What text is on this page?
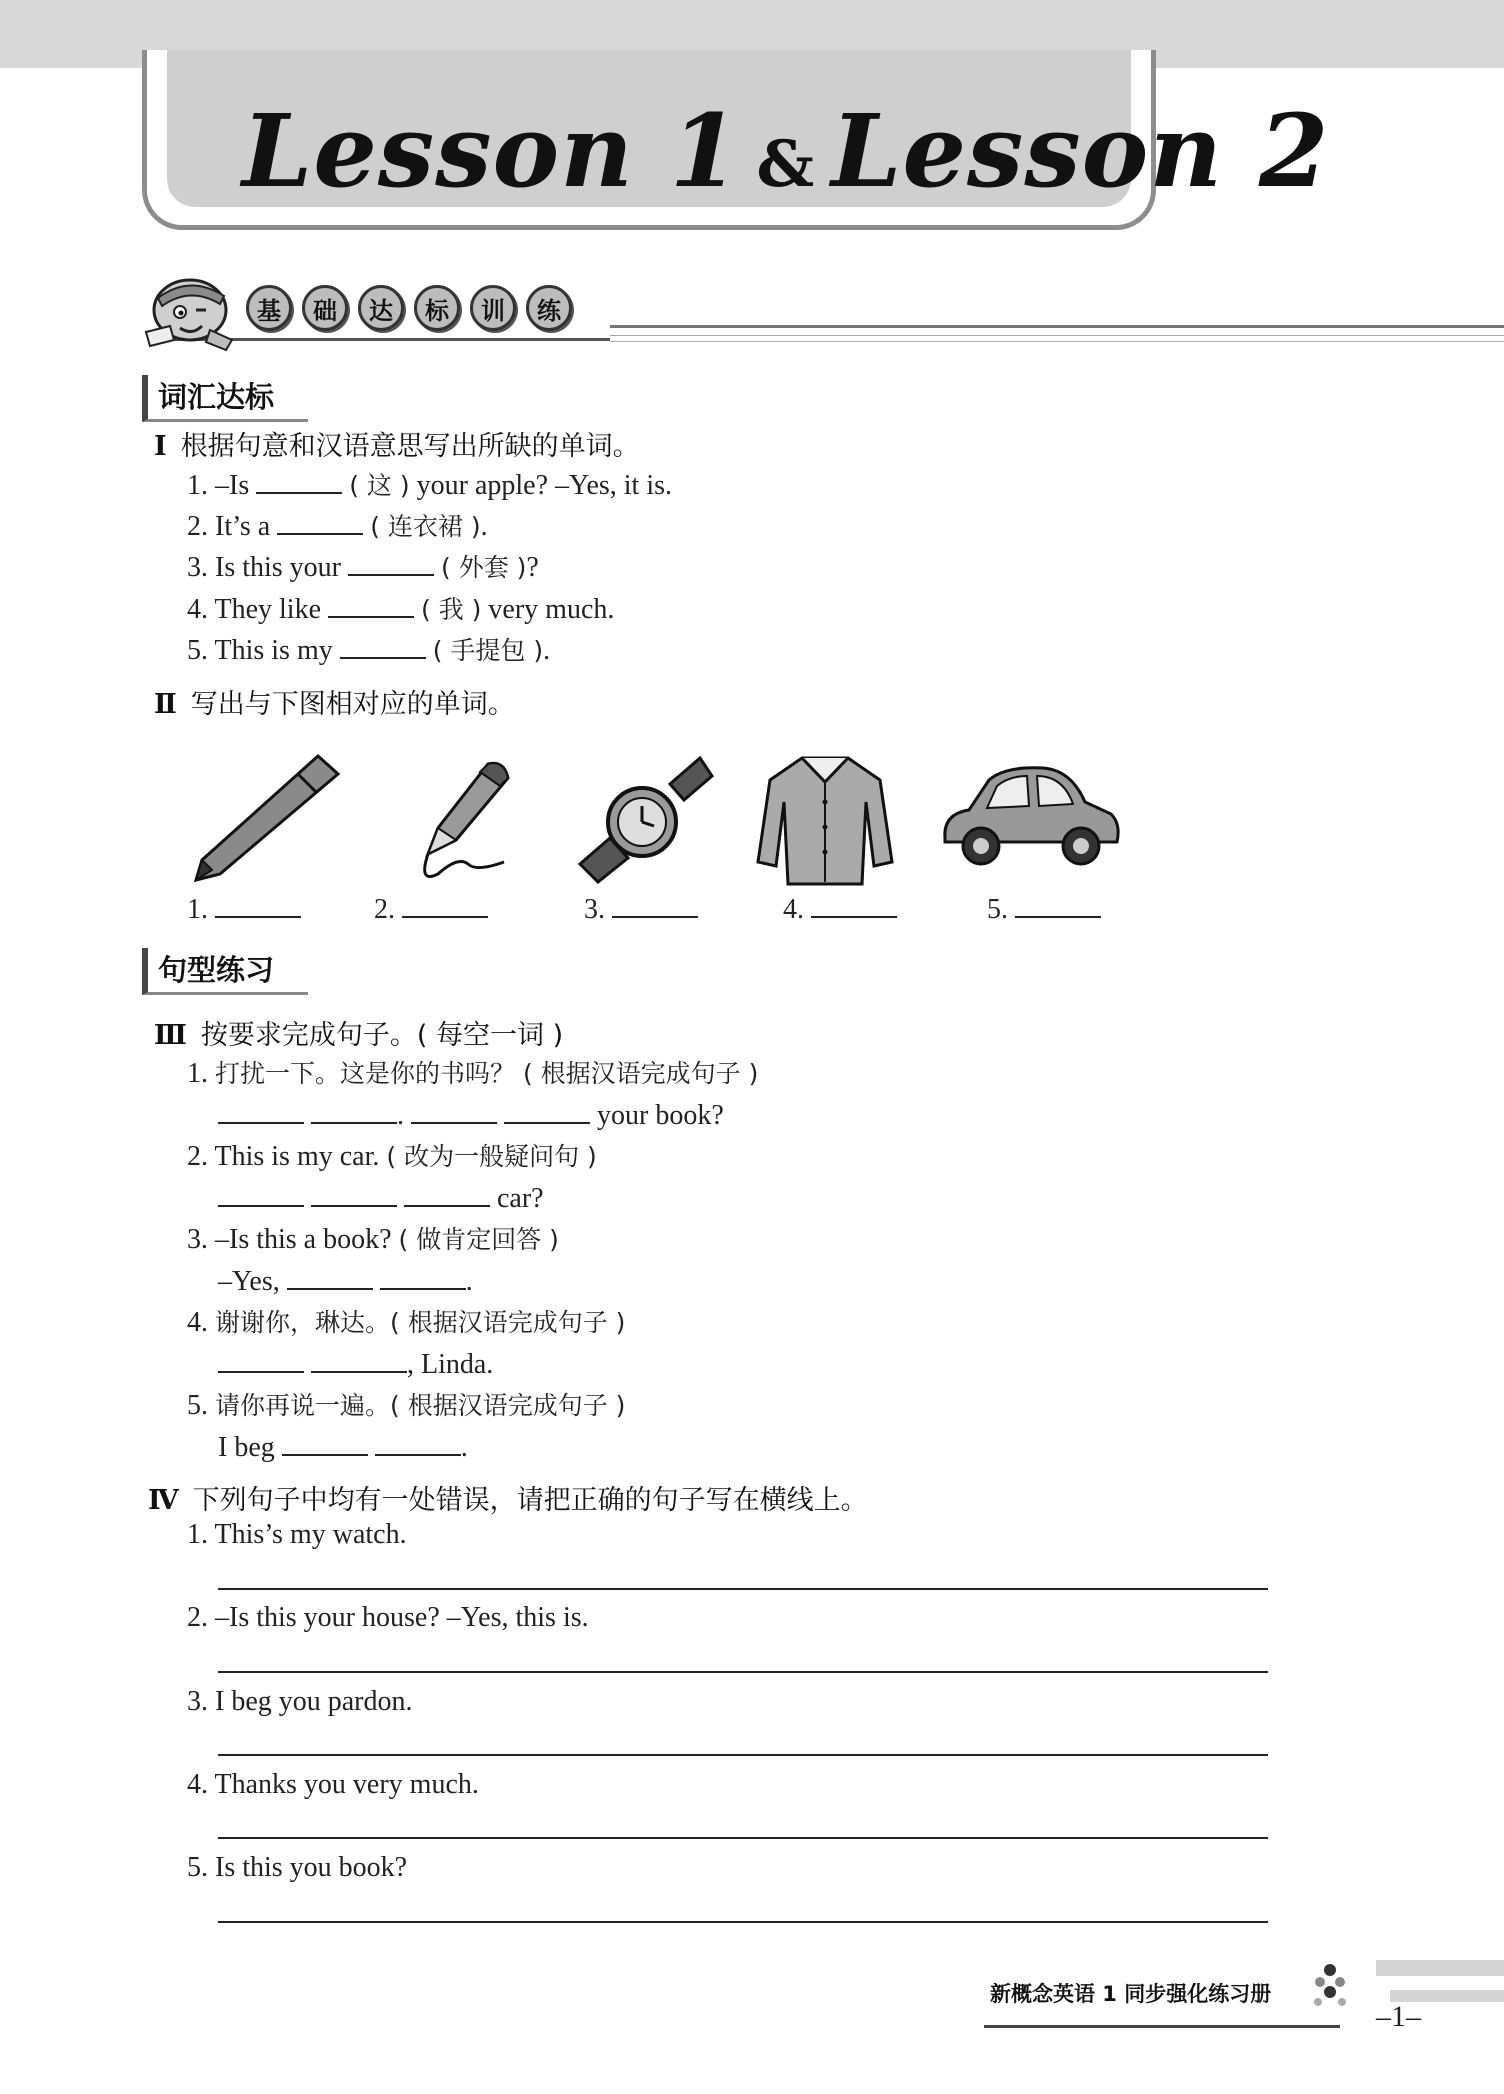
Lesson 1 & Lesson 2
基	础	达	标	训	练
词汇达标
Ⅰ 根据句意和汉语意思写出所缺的单词。
1. –Is	( 这 ) your apple? –Yes, it is.
2. It’s a	( 连衣裙 ).
3. Is this your	( 外套 )?
4. They like	( 我 ) very much.
5. This is my	( 手提包 ).
Ⅱ 写出与下图相对应的单词。
1.	2.	3.	4.	5.
句型练习
Ⅲ 按要求完成句子。( 每空一词 )
1. 打扰一下。这是你的书吗？ ( 根据汉语完成句子 )
.	your book?
2. This is my car. ( 改为一般疑问句 )
car?
3. –Is this a book? ( 做肯定回答 )
–Yes,	.
4. 谢谢你，琳达。( 根据汉语完成句子 )
, Linda.
5. 请你再说一遍。( 根据汉语完成句子 )
I beg	.
Ⅳ 下列句子中均有一处错误，请把正确的句子写在横线上。
1. This’s my watch.
2. –Is this your house? –Yes, this is.
3. I beg you pardon.
4. Thanks you very much.
5. Is this you book?
新概念英语 1 同步强化练习册
–1–
